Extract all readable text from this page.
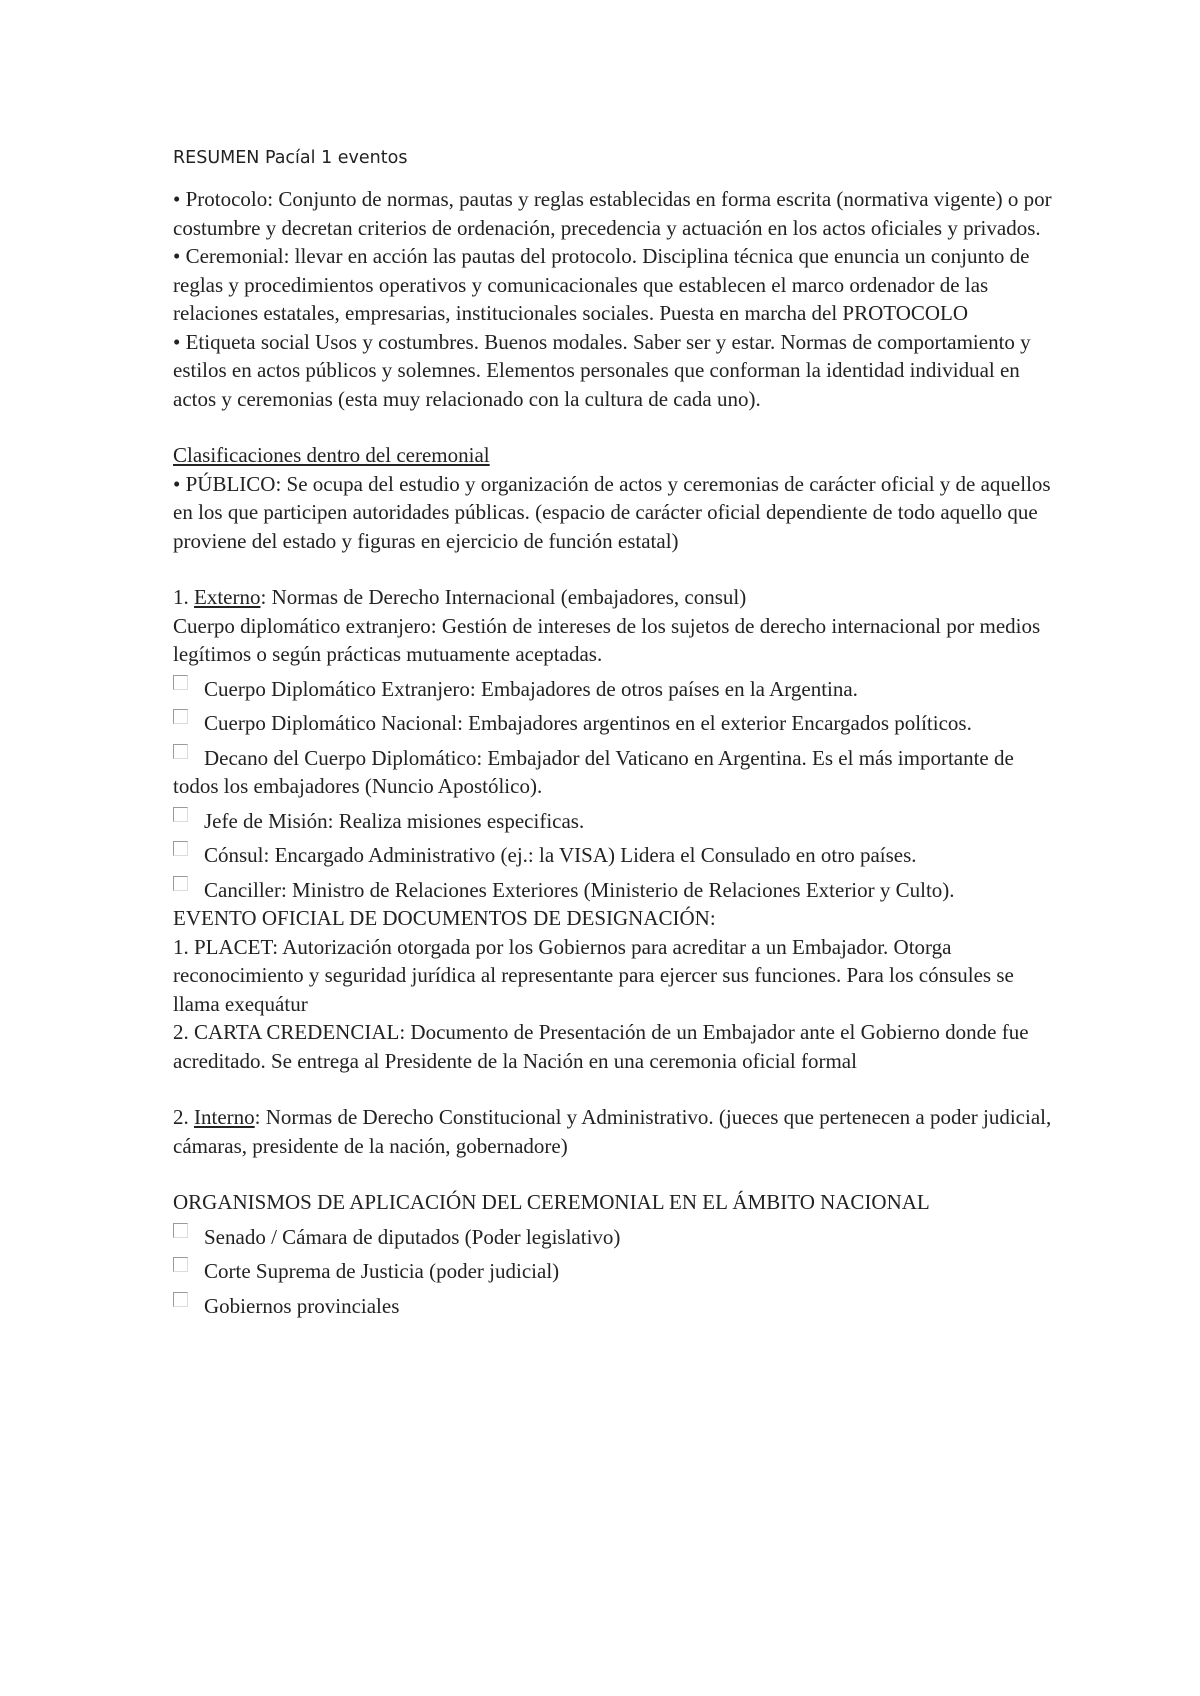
RESUMEN Pacíal 1 eventos

• Protocolo: Conjunto de normas, pautas y reglas establecidas en forma escrita (normativa vigente) o por costumbre y decretan criterios de ordenación, precedencia y actuación en los actos oficiales y privados.

• Ceremonial: llevar en acción las pautas del protocolo. Disciplina técnica que enuncia un conjunto de reglas y procedimientos operativos y comunicacionales que establecen el marco ordenador de las relaciones estatales, empresarias, institucionales sociales. Puesta en marcha del PROTOCOLO

• Etiqueta social Usos y costumbres. Buenos modales. Saber ser y estar. Normas de comportamiento y estilos en actos públicos y solemnes. Elementos personales que conforman la identidad individual en actos y ceremonias (esta muy relacionado con la cultura de cada uno).

Clasificaciones dentro del ceremonial

• PÚBLICO: Se ocupa del estudio y organización de actos y ceremonias de carácter oficial y de aquellos en los que participen autoridades públicas. (espacio de carácter oficial dependiente de todo aquello que proviene del estado y figuras en ejercicio de función estatal)

1. Externo: Normas de Derecho Internacional (embajadores, consul)

Cuerpo diplomático extranjero: Gestión de intereses de los sujetos de derecho internacional por medios legítimos o según prácticas mutuamente aceptadas.

Cuerpo Diplomático Extranjero: Embajadores de otros países en la Argentina.

Cuerpo Diplomático Nacional: Embajadores argentinos en el exterior Encargados políticos.

Decano del Cuerpo Diplomático: Embajador del Vaticano en Argentina. Es el más importante de todos los embajadores (Nuncio Apostólico).

Jefe de Misión: Realiza misiones especificas.

Cónsul: Encargado Administrativo (ej.: la VISA) Lidera el Consulado en otro países.

Canciller: Ministro de Relaciones Exteriores (Ministerio de Relaciones Exterior y Culto).

EVENTO OFICIAL DE DOCUMENTOS DE DESIGNACIÓN:

1. PLACET: Autorización otorgada por los Gobiernos para acreditar a un Embajador. Otorga reconocimiento y seguridad jurídica al representante para ejercer sus funciones. Para los cónsules se llama exequátur

2. CARTA CREDENCIAL: Documento de Presentación de un Embajador ante el Gobierno donde fue acreditado. Se entrega al Presidente de la Nación en una ceremonia oficial formal

2. Interno: Normas de Derecho Constitucional y Administrativo. (jueces que pertenecen a poder judicial, cámaras, presidente de la nación, gobernadore)

ORGANISMOS DE APLICACIÓN DEL CEREMONIAL EN EL ÁMBITO NACIONAL

Senado / Cámara de diputados (Poder legislativo)

Corte Suprema de Justicia (poder judicial)

Gobiernos provinciales
